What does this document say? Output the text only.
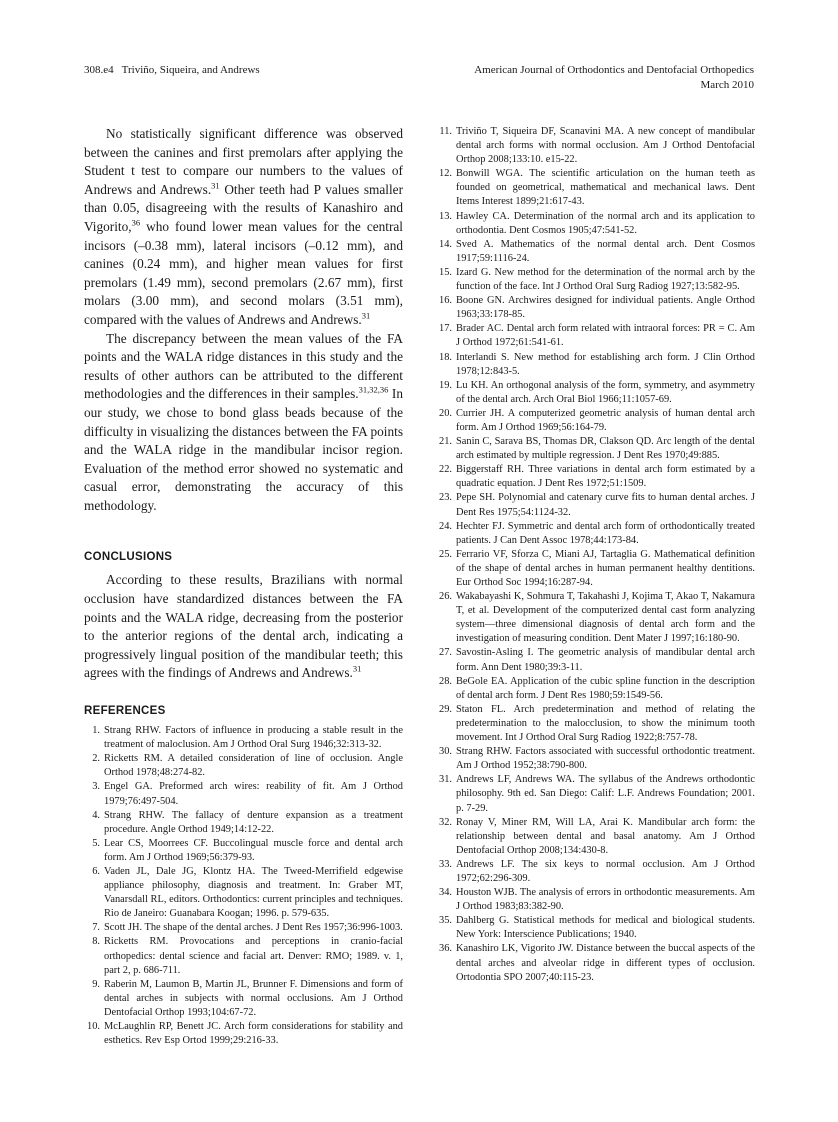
308.e4   Triviño, Siqueira, and Andrews	American Journal of Orthodontics and Dentofacial Orthopedics
March 2010

No statistically significant difference was observed between the canines and first premolars after applying the Student t test to compare our numbers to the values of Andrews and Andrews.$^{31}$ Other teeth had P values smaller than 0.05, disagreeing with the results of Kanashiro and Vigorito,$^{36}$ who found lower mean values for the central incisors (–0.38 mm), lateral incisors (–0.12 mm), and canines (0.24 mm), and higher mean values for first premolars (1.49 mm), second premolars (2.67 mm), first molars (3.00 mm), and second molars (3.51 mm), compared with the values of Andrews and Andrews.$^{31}$

The discrepancy between the mean values of the FA points and the WALA ridge distances in this study and the results of other authors can be attributed to the different methodologies and the differences in their samples.$^{31,32,36}$ In our study, we chose to bond glass beads because of the difficulty in visualizing the distances between the FA points and the WALA ridge in the mandibular incisor region. Evaluation of the method error showed no systematic and casual error, demonstrating the accuracy of this methodology.

CONCLUSIONS

According to these results, Brazilians with normal occlusion have standardized distances between the FA points and the WALA ridge, decreasing from the posterior to the anterior regions of the dental arch, indicating a progressively lingual position of the mandibular teeth; this agrees with the findings of Andrews and Andrews.$^{31}$

REFERENCES
1. Strang RHW. Factors of influence in producing a stable result in the treatment of maloclusion. Am J Orthod Oral Surg 1946;32:313-32.
2. Ricketts RM. A detailed consideration of line of occlusion. Angle Orthod 1978;48:274-82.
3. Engel GA. Preformed arch wires: reability of fit. Am J Orthod 1979;76:497-504.
4. Strang RHW. The fallacy of denture expansion as a treatment procedure. Angle Orthod 1949;14:12-22.
5. Lear CS, Moorrees CF. Buccolingual muscle force and dental arch form. Am J Orthod 1969;56:379-93.
6. Vaden JL, Dale JG, Klontz HA. The Tweed-Merrifield edgewise appliance philosophy, diagnosis and treatment. In: Graber MT, Vanarsdall RL, editors. Orthodontics: current principles and techniques. Rio de Janeiro: Guanabara Koogan; 1996. p. 579-635.
7. Scott JH. The shape of the dental arches. J Dent Res 1957;36:996-1003.
8. Ricketts RM. Provocations and perceptions in cranio-facial orthopedics: dental science and facial art. Denver: RMO; 1989. v. 1, part 2, p. 686-711.
9. Raberin M, Laumon B, Martin JL, Brunner F. Dimensions and form of dental arches in subjects with normal occlusions. Am J Orthod Dentofacial Orthop 1993;104:67-72.
10. McLaughlin RP, Benett JC. Arch form considerations for stability and esthetics. Rev Esp Ortod 1999;29:216-33.
11. Triviño T, Siqueira DF, Scanavini MA. A new concept of mandibular dental arch forms with normal occlusion. Am J Orthod Dentofacial Orthop 2008;133:10. e15-22.
12. Bonwill WGA. The scientific articulation on the human teeth as founded on geometrical, mathematical and mechanical laws. Dent Items Interest 1899;21:617-43.
13. Hawley CA. Determination of the normal arch and its application to orthodontia. Dent Cosmos 1905;47:541-52.
14. Sved A. Mathematics of the normal dental arch. Dent Cosmos 1917;59:1116-24.
15. Izard G. New method for the determination of the normal arch by the function of the face. Int J Orthod Oral Surg Radiog 1927;13:582-95.
16. Boone GN. Archwires designed for individual patients. Angle Orthod 1963;33:178-85.
17. Brader AC. Dental arch form related with intraoral forces: PR = C. Am J Orthod 1972;61:541-61.
18. Interlandi S. New method for establishing arch form. J Clin Orthod 1978;12:843-5.
19. Lu KH. An orthogonal analysis of the form, symmetry, and asymmetry of the dental arch. Arch Oral Biol 1966;11:1057-69.
20. Currier JH. A computerized geometric analysis of human dental arch form. Am J Orthod 1969;56:164-79.
21. Sanin C, Sarava BS, Thomas DR, Clakson QD. Arc length of the dental arch estimated by multiple regression. J Dent Res 1970;49:885.
22. Biggerstaff RH. Three variations in dental arch form estimated by a quadratic equation. J Dent Res 1972;51:1509.
23. Pepe SH. Polynomial and catenary curve fits to human dental arches. J Dent Res 1975;54:1124-32.
24. Hechter FJ. Symmetric and dental arch form of orthodontically treated patients. J Can Dent Assoc 1978;44:173-84.
25. Ferrario VF, Sforza C, Miani AJ, Tartaglia G. Mathematical definition of the shape of dental arches in human permanent healthy dentitions. Eur Orthod Soc 1994;16:287-94.
26. Wakabayashi K, Sohmura T, Takahashi J, Kojima T, Akao T, Nakamura T, et al. Development of the computerized dental cast form analyzing system—three dimensional diagnosis of dental arch form and the investigation of measuring condition. Dent Mater J 1997;16:180-90.
27. Savostin-Asling I. The geometric analysis of mandibular dental arch form. Ann Dent 1980;39:3-11.
28. BeGole EA. Application of the cubic spline function in the description of dental arch form. J Dent Res 1980;59:1549-56.
29. Staton FL. Arch predetermination and method of relating the predetermination to the malocclusion, to show the minimum tooth movement. Int J Orthod Oral Surg Radiog 1922;8:757-78.
30. Strang RHW. Factors associated with successful orthodontic treatment. Am J Orthod 1952;38:790-800.
31. Andrews LF, Andrews WA. The syllabus of the Andrews orthodontic philosophy. 9th ed. San Diego: Calif: L.F. Andrews Foundation; 2001. p. 7-29.
32. Ronay V, Miner RM, Will LA, Arai K. Mandibular arch form: the relationship between dental and basal anatomy. Am J Orthod Dentofacial Orthop 2008;134:430-8.
33. Andrews LF. The six keys to normal occlusion. Am J Orthod 1972;62:296-309.
34. Houston WJB. The analysis of errors in orthodontic measurements. Am J Orthod 1983;83:382-90.
35. Dahlberg G. Statistical methods for medical and biological students. New York: Interscience Publications; 1940.
36. Kanashiro LK, Vigorito JW. Distance between the buccal aspects of the dental arches and alveolar ridge in different types of occlusion. Ortodontia SPO 2007;40:115-23.
